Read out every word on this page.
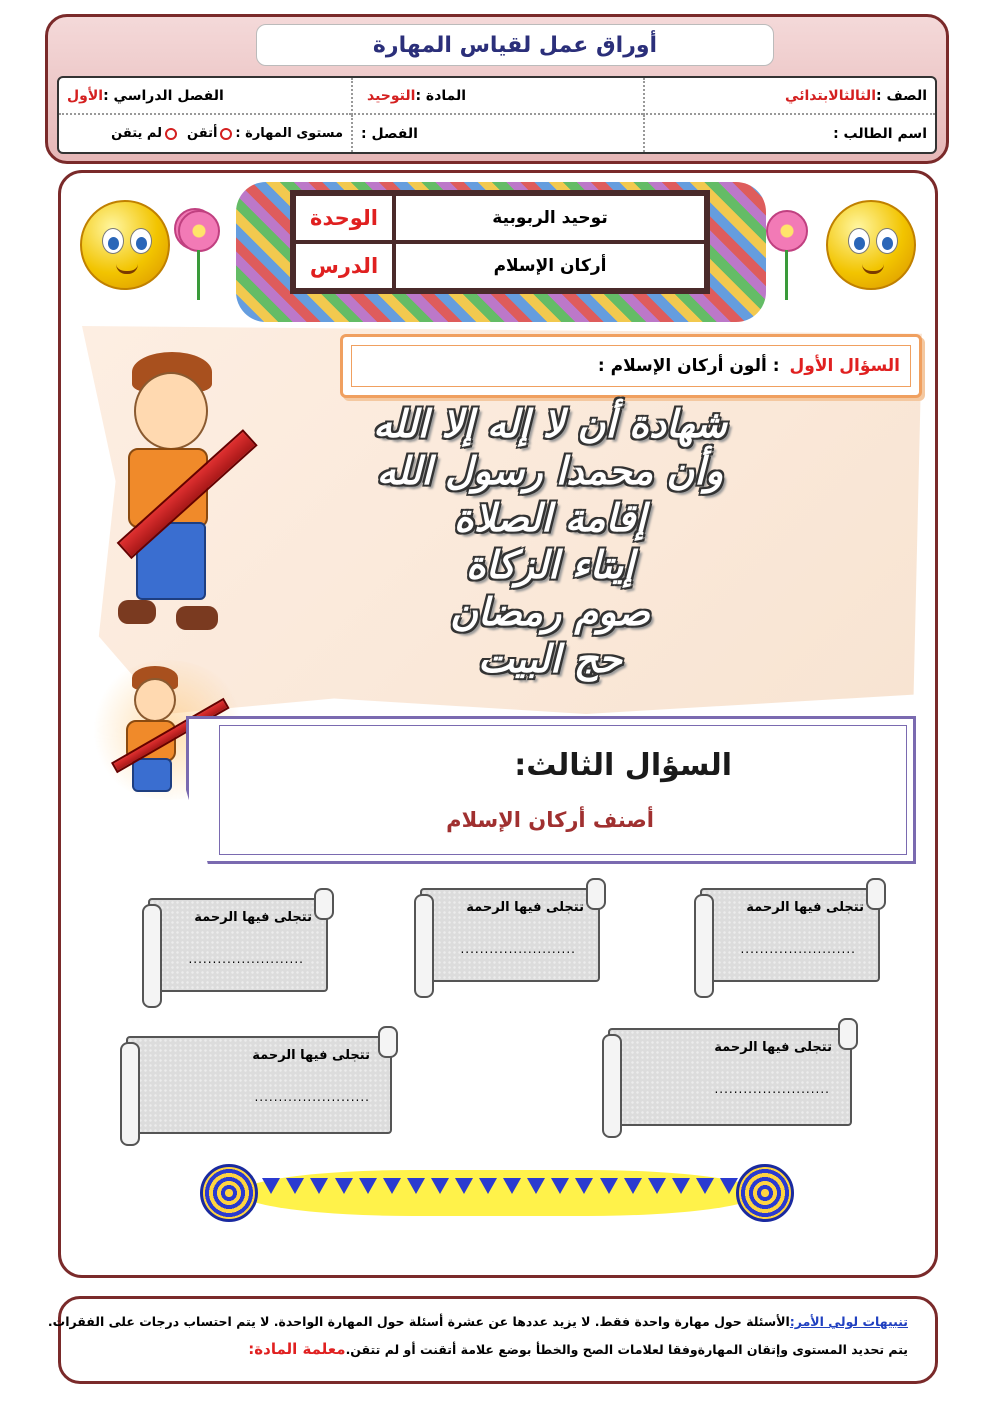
أوراق عمل لقياس المهارة
الصف :
الثالثالابتدائي
المادة :
التوحيد
الفصل الدراسي :
الأول
اسم الطالب :
الفصل :
مستوى المهارة :
أتقن
لم يتقن
الوحدة	توحيد الربوبية
الدرس	أركان الإسلام
السؤال الأول
: ألون أركان الإسلام :
شهادة أن لا إله إلا الله
وأن محمدا رسول الله
إقامة الصلاة
إيتاء الزكاة
صوم رمضان
حج البيت
السؤال الثالث:
أصنف أركان الإسلام
تتجلى فيها الرحمة
........................
تتجلى فيها الرحمة
........................
تتجلى فيها الرحمة
........................
تتجلى فيها الرحمة
........................
تتجلى فيها الرحمة
........................
تنبيهات لولي الأمر:الأسئلة حول مهارة واحدة فقط. لا يزيد عددها عن عشرة أسئلة حول المهارة الواحدة. لا يتم احتساب درجات على الفقرات.
يتم تحديد المستوى وإتقان المهارةوفقا لعلامات الصح والخطأ بوضع علامة أتقنت أو لم تتقن.معلمة المادة:
